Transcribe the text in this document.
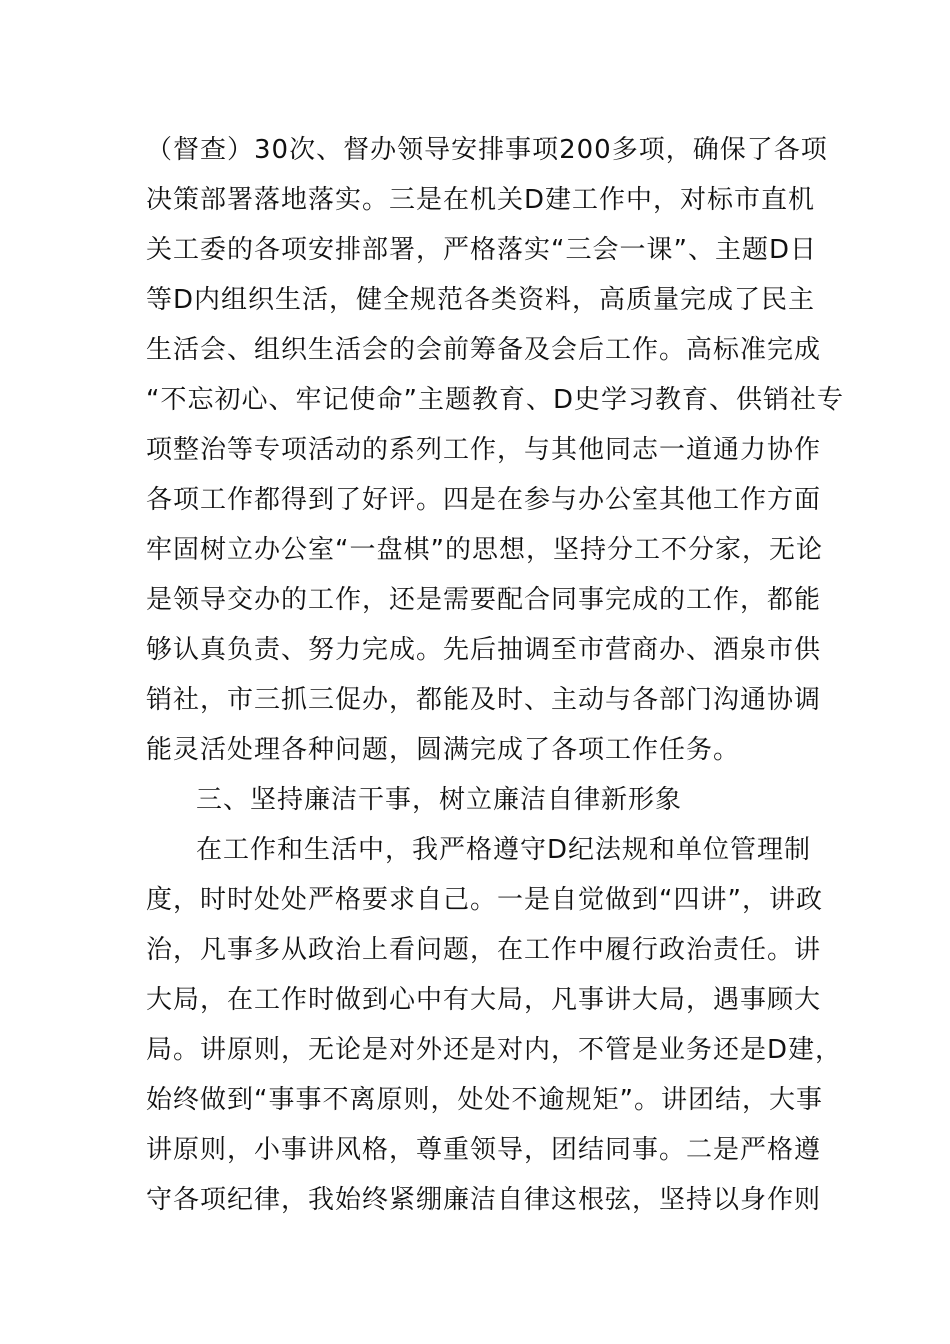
（督查）30次、督办领导安排事项200多项，确保了各项
决策部署落地落实。三是在机关D建工作中，对标市直机
关工委的各项安排部署，严格落实“三会一课”、主题D日
等D内组织生活，健全规范各类资料，高质量完成了民主
生活会、组织生活会的会前筹备及会后工作。高标准完成
“不忘初心、牢记使命”主题教育、D史学习教育、供销社专
项整治等专项活动的系列工作，与其他同志一道通力协作
各项工作都得到了好评。四是在参与办公室其他工作方面
牢固树立办公室“一盘棋”的思想，坚持分工不分家，无论
是领导交办的工作，还是需要配合同事完成的工作，都能
够认真负责、努力完成。先后抽调至市营商办、酒泉市供
销社，市三抓三促办，都能及时、主动与各部门沟通协调
能灵活处理各种问题，圆满完成了各项工作任务。
三、坚持廉洁干事，树立廉洁自律新形象
在工作和生活中，我严格遵守D纪法规和单位管理制
度，时时处处严格要求自己。一是自觉做到“四讲”，讲政
治，凡事多从政治上看问题，在工作中履行政治责任。讲
大局，在工作时做到心中有大局，凡事讲大局，遇事顾大
局。讲原则，无论是对外还是对内，不管是业务还是D建，
始终做到“事事不离原则，处处不逾规矩”。讲团结，大事
讲原则，小事讲风格，尊重领导，团结同事。二是严格遵
守各项纪律，我始终紧绷廉洁自律这根弦，坚持以身作则
